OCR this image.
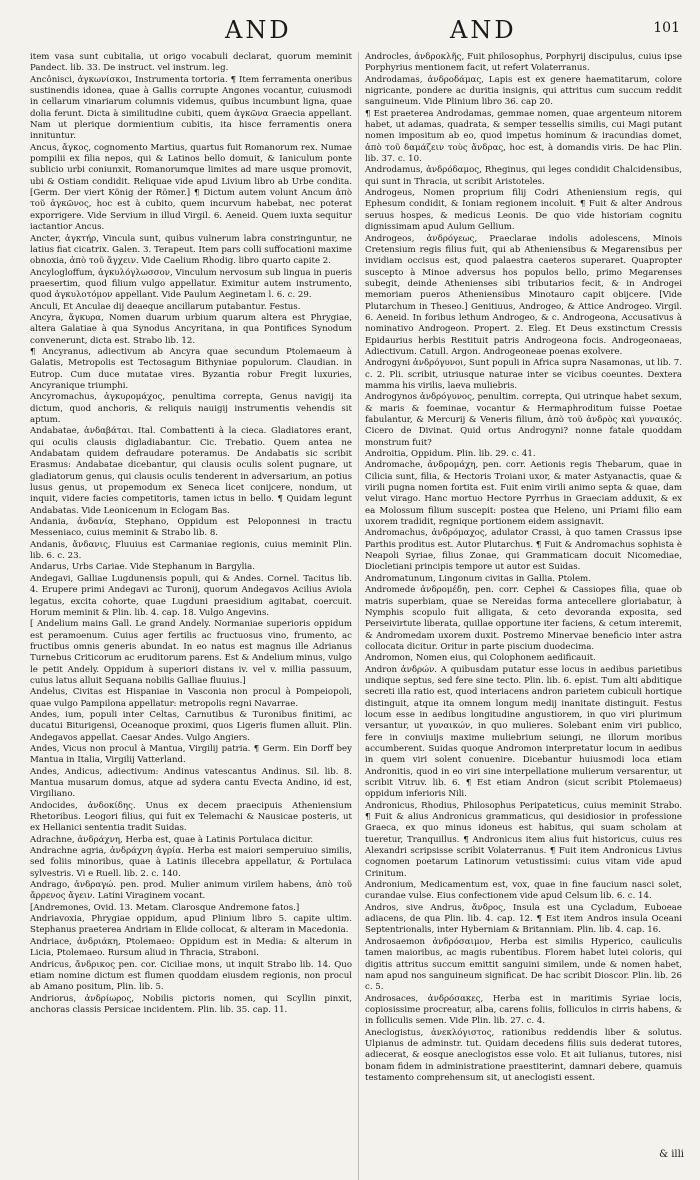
AND	AND	101

item vasa sunt cubitalia, ut origo vocabuli declarat, quorum meminit Pandect. lib. 33. De instruct. vel instrum. leg.

Ancônisci, ἀγκωνίσκοι, Instrumenta tortoria. ¶ Item ferramenta oneribus sustinendis idonea, quae à Gallis corrupte Angones vocantur, cuiusmodi in cellarum vinariarum columnis videmus, quibus incumbunt ligna, quae dolia ferunt. Dicta à similitudine cubiti, quem ἀγκῶνα Graecia appellant. Nam ut plerique dormientium cubitis, ita hisce ferramentis onera innituntur.

Ancus, ἄγκος, cognomento Martius, quartus fuit Romanorum rex. Numae pompilii ex filia nepos, qui & Latinos bello domuit, & Ianiculum ponte sublicio urbi coniunxit, Romanorumque limites ad mare usque promovit, ubi & Ostiam condidit. Reliquae vide apud Livium libro ab Urbe condita. [Germ. Der viert König der Römer.] ¶ Dictum autem volunt Ancum ἀπὸ τοῦ ἀγκῶνος, hoc est à cubito, quem incurvum habebat, nec poterat exporrigere. Vide Servium in illud Virgil. 6. Aeneid. Quem iuxta sequitur iactantior Ancus.

Ancter, ἀγκτήρ, Vincula sunt, quibus vulnerum labra constringuntur, ne latius fiat cicatrix. Galen. 3. Terapeut. Item pars colli suffocationi maxime obnoxia, ἀπὸ τοῦ ἄγχειν. Vide Caelium Rhodig. libro quarto capite 2.

Ancylogloffum, ἀγκυλόγλωσσον, Vinculum nervosum sub lingua in pueris praesertim, quod filium vulgo appellatur. Eximitur autem instrumento, quod ἀγκυλοτόμον appellant. Vide Paulum Aeginetam l. 6. c. 29.

Anculi, Et Anculae dij deaeque ancillarum putabantur. Festus.

Ancyra, ἄγκυρα, Nomen duarum urbium quarum altera est Phrygiae, altera Galatiae à qua Synodus Ancyritana, in qua Pontifices Synodum convenerunt, dicta est. Strabo lib. 12.

¶ Ancyranus, adiectivum ab Ancyra quae secundum Ptolemaeum à Galatis, Metropolis est Tectosagum Bithyniae populorum. Claudian. in Eutrop. Cum duce mutatae vires. Byzantia robur Fregit luxuries, Ancyranique triumphi.

Ancyromachus, ἀγκυρομάχος, penultima correpta, Genus navigij ita dictum, quod anchoris, & reliquis nauigij instrumentis vehendis sit aptum.

Andabatae, ἀνδαβάται. Ital. Combattenti à la cieca. Gladiatores erant, qui oculis clausis digladiabantur. Cic. Trebatio. Quem antea ne Andabatam quidem defraudare poteramus. De Andabatis sic scribit Erasmus: Andabatae dicebantur, qui clausis oculis solent pugnare, ut gladiatorum genus, qui clausis oculis tenderent in adversarium, an potius lusus genus, ut propemodum ex Seneca licet conijcere, nondum, ut inquit, videre facies competitoris, tamen ictus in bello. ¶ Quidam legunt Andabatas. Vide Leonicenum in Eclogam Bas.

Andania, ἀνδανία, Stephano, Oppidum est Peloponnesi in tractu Messeniaco, cuius meminit & Strabo lib. 8.

Andanis, ἄνδανις, Fluuius est Carmaniae regionis, cuius meminit Plin. lib. 6. c. 23.

Andarus, Urbs Cariae. Vide Stephanum in Bargylia.

Andegavi, Galliae Lugdunensis populi, qui & Andes. Cornel. Tacitus lib. 4. Erupere primi Andegavi ac Turonij, quorum Andegavos Acilius Aviola legatus, excita cohorte, quae Lugduni praesidium agitabat, coercuit. Horum meminit & Plin. lib. 4. cap. 18. Vulgo Angevins.

[ Andelium mains Gall. Le grand Andely. Normaniae superioris oppidum est peramoenum. Cuius ager fertilis ac fructuosus vino, frumento, ac fructibus omnis generis abundat. In eo natus est magnus ille Adrianus Turnebus Criticorum ac eruditorum parens. Est & Andelium minus, vulgo le petit Andely. Oppidum à superiori distans iv. vel v. millia passuum, cuius latus alluit Sequana nobilis Galliae fluuius.]

Andelus, Civitas est Hispaniae in Vasconia non procul à Pompeiopoli, quae vulgo Pampilona appellatur: metropolis regni Navarrae.

Andes, ium, populi inter Celtas, Carnutibus & Turonibus finitimi, ac ducatui Biturigensi, Oceanoque proximi, quos Ligeris flumen alluit. Plin. Andegavos appellat. Caesar Andes. Vulgo Angiers.

Andes, Vicus non procul à Mantua, Virgilij patria. ¶ Germ. Ein Dorff bey Mantua in Italia, Virgilij Vatterland.

Andes, Andicus, adiectivum: Andinus vatescantus Andinus. Sil. lib. 8. Mantua musarum domus, atque ad sydera cantu Evecta Andino, id est, Virgiliano.

Andocides, ἀνδοκίδης. Unus ex decem praecipuis Atheniensium Rhetoribus. Leogori filius, qui fuit ex Telemachi & Nausicae posteris, ut ex Hellanici sententia tradit Suidas.

Adrachne, ἀνδράχνη, Herba est, quae à Latinis Portulaca dicitur.

Andrachne agria, ἀνδράχνη ἀγρία. Herba est maiori semperuiuo similis, sed foliis minoribus, quae à Latinis illecebra appellatur, & Portulaca sylvestris. Vi e Ruell. lib. 2. c. 140.

Andrago, ἀνδραγώ. pen. prod. Mulier animum virilem habens, ἀπὸ τοῦ ἄρρενος ἄγειν. Latini Viraginem vocant.

[Andremones, Ovid. 13. Metam. Clarosque Andremone fatos.]

Andriavoxia, Phrygiae oppidum, apud Plinium libro 5. capite ultim. Stephanus praeterea Andriam in Elide collocat, & alteram in Macedonia.

Andriace, ἀνδριάκη, Ptolemaeo: Oppidum est in Media: & alterum in Licia, Ptolemaeo. Rursum aliud in Thracia, Straboni.

Andricus, ἄνδρικος pen. cor. Ciciliae mons, ut inquit Strabo lib. 14. Quo etiam nomine dictum est flumen quoddam eiusdem regionis, non procul ab Amano positum, Plin. lib. 5.

Andriorus, ἀνδρίωρος, Nobilis pictoris nomen, qui Scyllin pinxit, anchoras classis Persicae incidentem. Plin. lib. 35. cap. 11.

Androcles, ἀνδροκλῆς, Fuit philosophus, Porphyrij discipulus, cuius ipse Porphyrius mentionem facit, ut refert Volaterranus.

Androdamas, ἀνδροδάμας, Lapis est ex genere haematitarum, colore nigricante, pondere ac duritia insignis, qui attritus cum succum reddit sanguineum. Vide Plinium libro 36. cap 20.

¶ Est praeterea Androdamas, gemmae nomen, quae argenteum nitorem habet, ut adamas, quadrata, & semper tessellis similis, cui Magi putant nomen impositum ab eo, quod impetus hominum & iracundias domet, ἀπὸ τοῦ δαμάζειν τοὺς ἄνδρας, hoc est, à domandis viris. De hac Plin. lib. 37. c. 10.

Androdamus, ἀνδρόδαμος, Rheginus, qui leges condidit Chalcidensibus, qui sunt in Thracia, ut scribit Aristoteles.

Androgeus, Nomen proprium filij Codri Atheniensium regis, qui Ephesum condidit, & Ioniam regionem incoluit. ¶ Fuit & alter Androus seruus hospes, & medicus Leonis. De quo vide historiam cognitu dignissimam apud Aulum Gellium.

Androgeos, ἀνδρόγεως, Praeclarae indolis adolescens, Minois Cretensium regis filius fuit, qui ab Atheniensibus & Megarensibus per invidiam occisus est, quod palaestra caeteros superaret. Quapropter suscepto à Minoe adversus hos populos bello, primo Megarenses subegit, deinde Athenienses sibi tributarios fecit, & in Androgei memoriam pueros Atheniensibus Minotauro capit obijcere. [Vide Plutarchum in Theseo.] Genitiuus, Androgeo, & Attice Androgeo. Virgil. 6. Aeneid. In foribus lethum Androgeo, & c. Androgeona, Accusativus à nominativo Androgeon. Propert. 2. Eleg. Et Deus exstinctum Cressis Epidaurius herbis Restituit patris Androgeona focis. Androgeonaeas, Adiectivum. Catull. Argon. Androgeoneae poenas exolvere.

Androgyni ἀνδρόγυνοι, Sunt populi in Africa supra Nasamonas, ut lib. 7. c. 2. Pli. scribit, utriusque naturae inter se vicibus coeuntes. Dextera mamma his virilis, laeva muliebris.

Androgynos ἀνδρόγυνος, penultim. correpta, Qui utrinque habet sexum, & maris & foeminae, vocantur & Hermaphroditum fuisse Poetae fabulantur, & Mercurij & Veneris filium, ἀπὸ τοῦ ἀνδρὸς καὶ γυναικός. Cicero de Divinat. Quid ortus Androgyni? nonne fatale quoddam monstrum fuit?

Androitia, Oppidum. Plin. lib. 29. c. 41.

Andromache, ἀνδρομάχη, pen. corr. Aetionis regis Thebarum, quae in Cilicia sunt, filia, & Hectoris Troiani uxor, & mater Astyanactis, quae & virili pugna nomen fortita est. Fuit enim virili animo septa & quae, dam velut virago. Hanc mortuo Hectore Pyrrhus in Graeciam adduxit, & ex ea Molossum filium suscepit: postea que Heleno, uni Priami filio eam uxorem tradidit, regnique portionem eidem assignavit.

Andromachus, ἀνδρόμαχος, adulator Crassi, à quo tamen Crassus ipse Parthis proditus est. Autor Plutarchus. ¶ Fuit & Andromachus sophista è Neapoli Syriae, filius Zonae, qui Grammaticam docuit Nicomediae, Diocletiani principis tempore ut autor est Suidas.

Andromatunum, Lingonum civitas in Gallia. Ptolem.

Andromede ἀνδρομέδη, pen. corr. Cephei & Cassiopes filia, quae ob matris superbiam, quae se Nereidas forma antecellere gloriabatur, à Nymphis scopulo fuit alligata, & ceto devoranda exposita, sed Perseivirtute liberata, quillae opportune iter faciens, & cetum interemit, & Andromedam uxorem duxit. Postremo Minervae beneficio inter astra collocata dicitur. Oritur in parte piscium duodecima.

Andromon, Nomen eius, qui Colophonem aedificauit.

Andron ἀνδρών. A quibusdam putatur esse locus in aedibus parietibus undique septus, sed fere sine tecto. Plin. lib. 6. epist. Tum alti abditique secreti illa ratio est, quod interiacens andron parietem cubiculi hortique distinguit, atque ita omnem longum medij inanitate distinguit. Festus locum esse in aedibus longitudine angustiorem, in quo viri plurimum versantur, ut γυναικών, in quo mulieres. Solebant enim viri publico, fere in conviuijs maxime muliebrium seiungi, ne illorum moribus accumberent. Suidas quoque Andromon interpretatur locum in aedibus in quem viri solent conuenire. Dicebantur huiusmodi loca etiam Andronitis, quod in eo viri sine interpellatione mulierum versarentur, ut scribit Vitruv. lib. 6. ¶ Est etiam Andron (sicut scribit Ptolemaeus) oppidum inferioris Nili.

Andronicus, Rhodius, Philosophus Peripateticus, cuius meminit Strabo. ¶ Fuit & alius Andronicus grammaticus, qui desidiosior in professione Graeca, ex quo minus idoneus est habitus, qui suam scholam at tueretur, Tranquillus. ¶ Andronicus item alius fuit historicus, cuius res Alexandri scripsisse scribit Volaterranus. ¶ Fuit item Andronicus Livius cognomen poetarum Latinorum vetustissimi: cuius vitam vide apud Crinitum.

Andronium, Medicamentum est, vox, quae in fine faucium nasci solet, curandae vulse. Eius confectionem vide apud Celsum lib. 6. c. 14.

Andros, sive Andrus, ἄνδρος, Insula est una Cycladum, Euboeae adiacens, de qua Plin. lib. 4. cap. 12. ¶ Est item Andros insula Oceani Septentrionalis, inter Hyberniam & Britanniam. Plin. lib. 4. cap. 16.

Androsaemon ἀνδρόσαιμον, Herba est similis Hyperico, cauliculis tamen maioribus, ac magis rubentibus. Florem habet lutei coloris, qui digitis attritus succum emittit sanguini similem, unde & nomen habet, nam apud nos sanguineum significat. De hac scribit Dioscor. Plin. lib. 26 c. 5.

Androsaces, ἀνδρόσακες, Herba est in maritimis Syriae locis, copiosissime procreatur, alba, carens foliis, folliculos in cirris habens, & in folliculis semen. Vide Plin. lib. 27. c. 4.

Aneclogistus, ἀνεκλόγιστος, rationibus reddendis liber & solutus. Ulpianus de adminstr. tut. Quidam decedens filiis suis dederat tutores, adiecerat, & eosque aneclogistos esse volo. Et ait Iulianus, tutores, nisi bonam fidem in administratione praestiterint, damnari debere, quamuis testamento comprehensum sit, ut aneclogisti essent.

& illi
